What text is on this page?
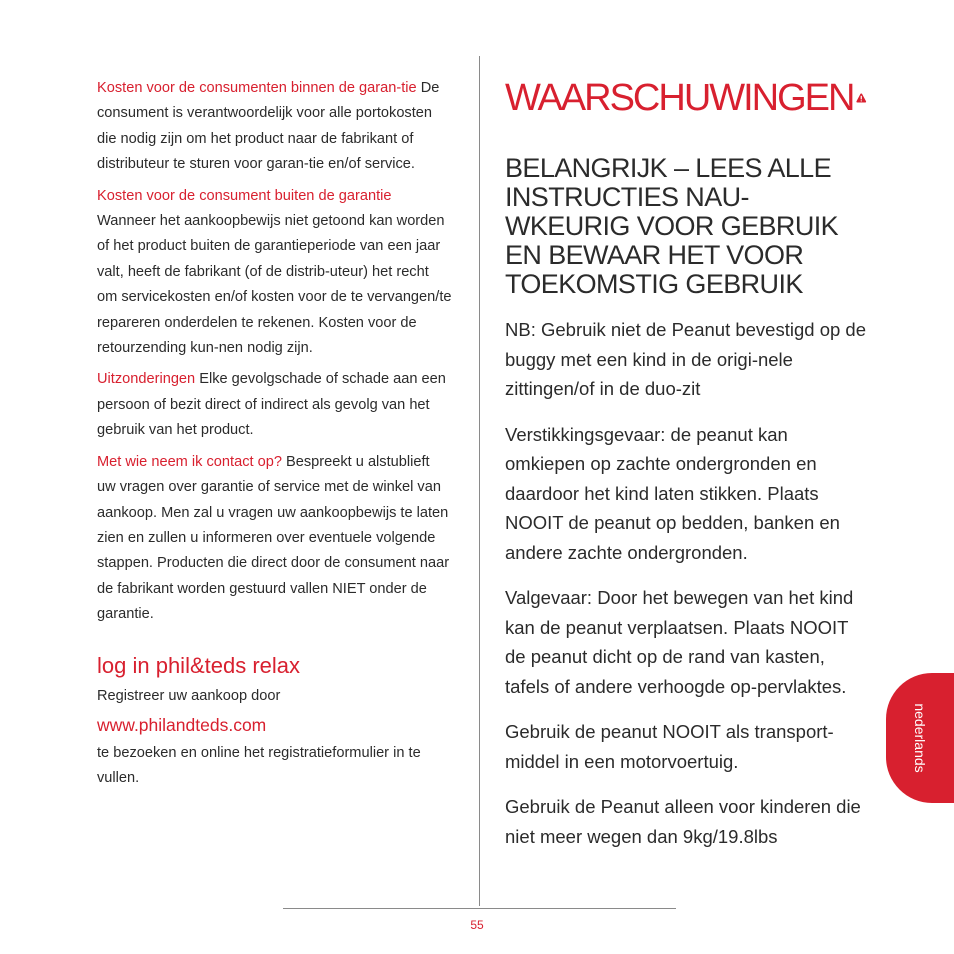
Kosten voor de consumenten binnen de garan-tie De consument is verantwoordelijk voor alle portokosten die nodig zijn om het product naar de fabrikant of distributeur te sturen voor garan-tie en/of service.

Kosten voor de consument buiten de garantie
Wanneer het aankoopbewijs niet getoond kan worden of het product buiten de garantieperiode van een jaar valt, heeft de fabrikant (of de distrib-uteur) het recht om servicekosten en/of kosten voor de te vervangen/te repareren onderdelen te rekenen. Kosten voor de retourzending kun-nen nodig zijn.

Uitzonderingen Elke gevolgschade of schade aan een persoon of bezit direct of indirect als gevolg van het gebruik van het product.

Met wie neem ik contact op? Bespreekt u alstublieft uw vragen over garantie of service met de winkel van aankoop. Men zal u vragen uw aankoopbewijs te laten zien en zullen u informeren over eventuele volgende stappen. Producten die direct door de consument naar de fabrikant worden gestuurd vallen NIET onder de garantie.

log in phil&teds relax
Registreer uw aankoop door
www.philandteds.com
te bezoeken en online het registratieformulier in te vullen.
WAARSCHUWINGEN
BELANGRIJK – LEES ALLE INSTRUCTIES NAU-WKEURIG VOOR GEBRUIK EN BEWAAR HET VOOR TOEKOMSTIG GEBRUIK

NB: Gebruik niet de Peanut bevestigd op de buggy met een kind in de origi-nele zittingen/of in de duo-zit

Verstikkingsgevaar: de peanut kan omkiepen op zachte ondergronden en daardoor het kind laten stikken. Plaats NOOIT de peanut op bedden, banken en andere zachte ondergronden.

Valgevaar: Door het bewegen van het kind kan de peanut verplaatsen. Plaats NOOIT de peanut dicht op de rand van kasten, tafels of andere verhoogde op-pervlaktes.

Gebruik de peanut NOOIT als transport-middel in een motorvoertuig.

Gebruik de Peanut alleen voor kinderen die niet meer wegen dan 9kg/19.8lbs

nederlands
55
